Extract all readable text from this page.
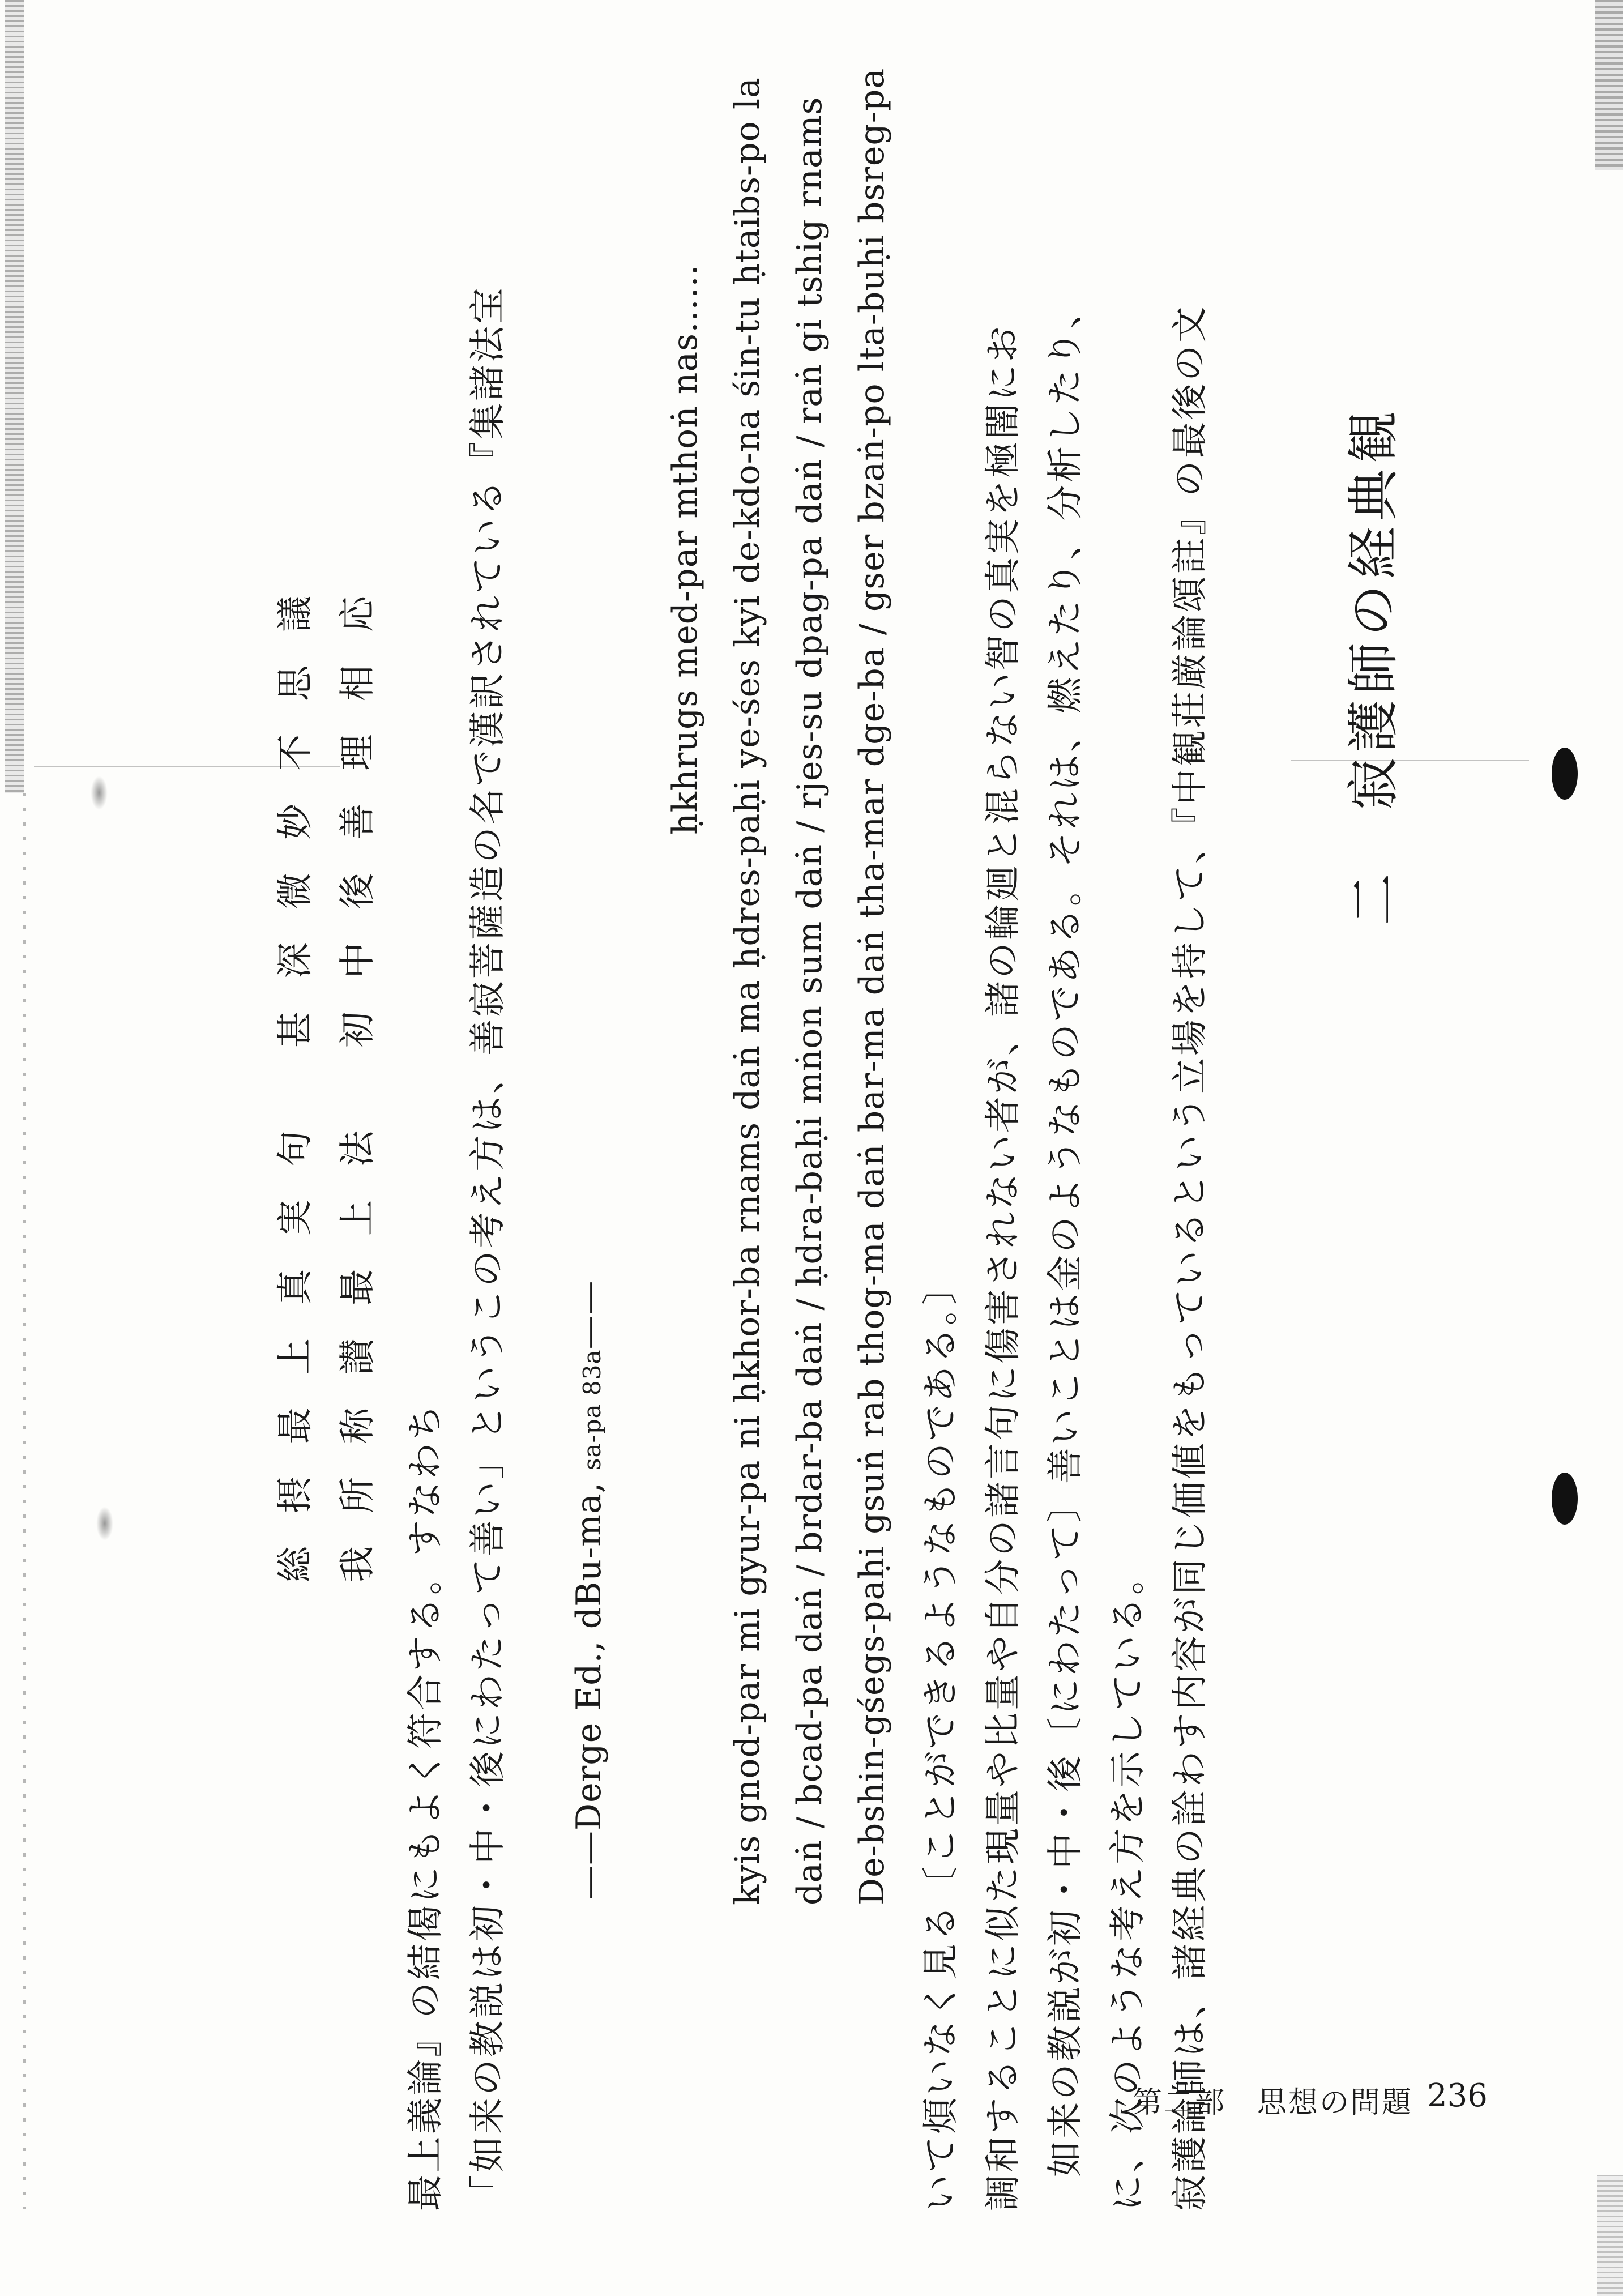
二　寂護師の経典観
寂護論師は、諸経典の詮わす内容が同じ価値をもっているという立場を持して、『中観荘厳論頌註』の最後の文
に、次のような考え方を示している。
如来の教説が初・中・後〔にわたって〕善いことは金のようなものである。それは、燃えたり、分析したり、
調和することに似た現量や比量や自分の諸言句に傷害されない者が、諸の輪廻と混らない智の真実を極闇にお
いて煩いなく見る〔ことができるようなものである。〕
De-bshin-gśegs-paḥi gsuṅ rab thog-ma daṅ bar-ma daṅ tha-mar dge-ba / gser bzaṅ-po lta-buḥi bsreg-pa
daṅ / bcad-pa daṅ / brdar-ba daṅ / ḥdra-baḥi mṅon sum daṅ / rjes-su dpag-pa daṅ / raṅ gi tshig rnams
kyis gnod-par mi gyur-pa ni ḥkhor-ba rnams daṅ ma ḥdres-paḥi ye-śes kyi de-kdo-na śin-tu ḥtaibs-po la
ḥkhrugs med-par mthoṅ nas……
——Derge Ed., dBu-ma, sa-pa 83a——
「如来の教説は初・中・後にわたって善い」というこの考え方は、善寂菩薩造の名で漢訳されている『集諸法宝
最上義論』の結偈にもよく符合する。すなわち
我 所 称 讃 最 上 法　　初 中 後 善 理 相 応
総 摂 最 上 真 実 句　　甚 深 微 妙 不 思 議
第二部　思想の問題 236
